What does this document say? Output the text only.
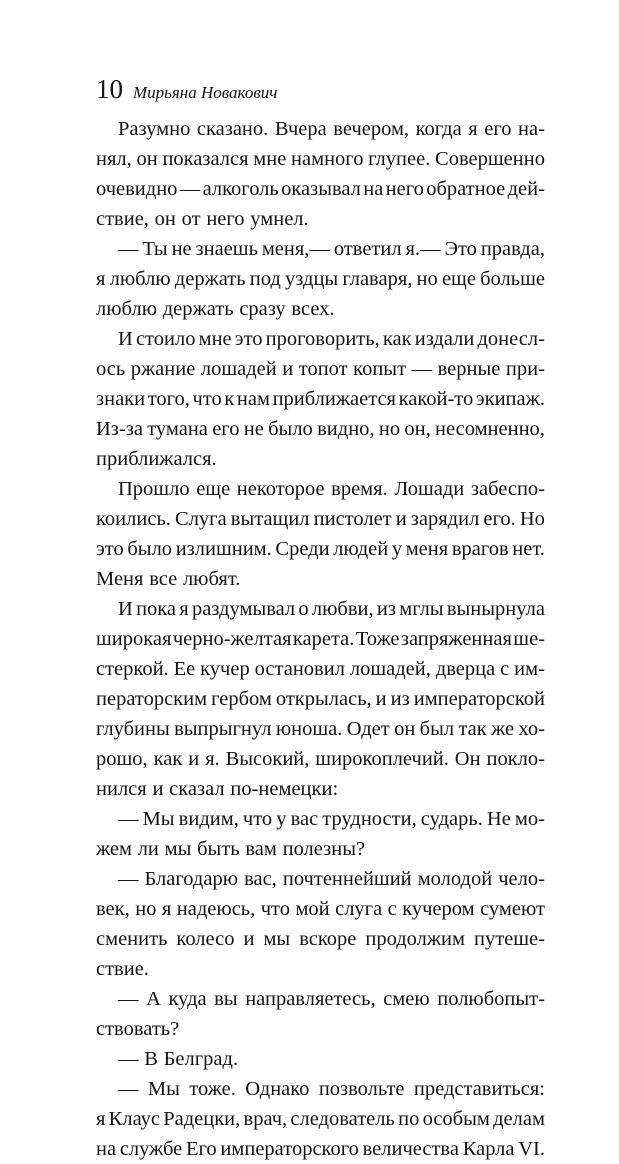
10 Мирьяна Новакович
Разумно сказано. Вчера вечером, когда я его на-
нял, он показался мне намного глупее. Совершенно
очевидно — алкоголь оказывал на него обратное дей-
ствие, он от него умнел.
— Ты не знаешь меня,— ответил я.— Это правда,
я люблю держать под уздцы главаря, но еще больше
люблю держать сразу всех.
И стоило мне это проговорить, как издали донесл-
ось ржание лошадей и топот копыт — верные при-
знаки того, что к нам приближается какой-то экипаж.
Из-за тумана его не было видно, но он, несомненно,
приближался.
Прошло еще некоторое время. Лошади забеспо-
коились. Слуга вытащил пистолет и зарядил его. Но
это было излишним. Среди людей у меня врагов нет.
Меня все любят.
И пока я раздумывал о любви, из мглы вынырнула
широкая черно-желтая карета. Тоже запряженная ше-
стеркой. Ее кучер остановил лошадей, дверца с им-
ператорским гербом открылась, и из императорской
глубины выпрыгнул юноша. Одет он был так же хо-
рошо, как и я. Высокий, широкоплечий. Он покло-
нился и сказал по-немецки:
— Мы видим, что у вас трудности, сударь. Не мо-
жем ли мы быть вам полезны?
— Благодарю вас, почтеннейший молодой чело-
век, но я надеюсь, что мой слуга с кучером сумеют
сменить колесо и мы вскоре продолжим путеше-
ствие.
— А куда вы направляетесь, смею полюбопыт-
ствовать?
— В Белград.
— Мы тоже. Однако позвольте представиться:
я Клаус Радецки, врач, следователь по особым делам
на службе Его императорского величества Карла VI.
